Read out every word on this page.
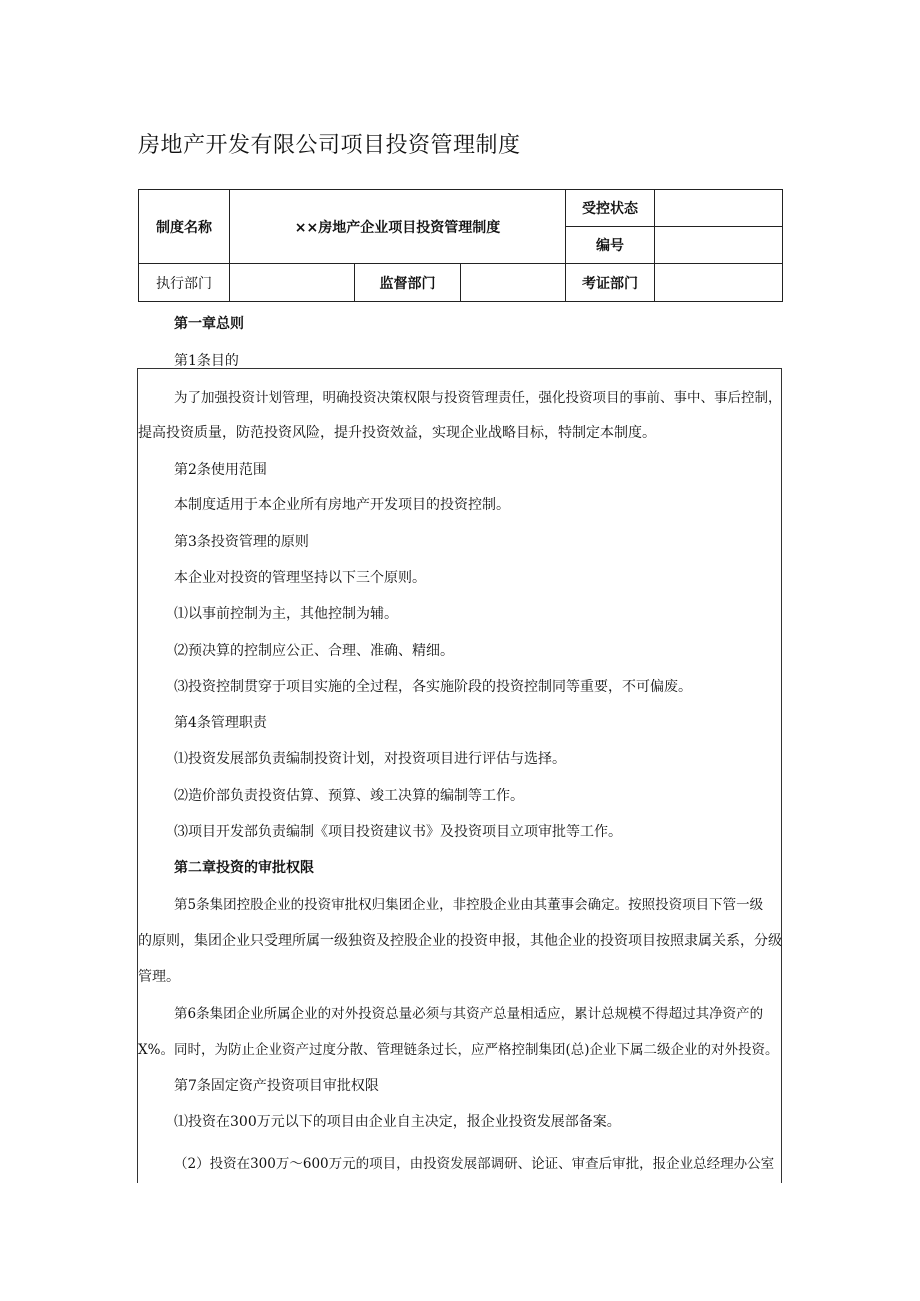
房地产开发有限公司项目投资管理制度
制度名称	××房地产企业项目投资管理制度			受控状态	
				编号	
执行部门		监督部门		考证部门	
第一章总则
第1条目的
为了加强投资计划管理，明确投资决策权限与投资管理责任，强化投资项目的事前、事中、事后控制，
提高投资质量，防范投资风险，提升投资效益，实现企业战略目标，特制定本制度。
第2条使用范围
本制度适用于本企业所有房地产开发项目的投资控制。
第3条投资管理的原则
本企业对投资的管理坚持以下三个原则。
⑴以事前控制为主，其他控制为辅。
⑵预决算的控制应公正、合理、准确、精细。
⑶投资控制贯穿于项目实施的全过程，各实施阶段的投资控制同等重要，不可偏废。
第4条管理职责
⑴投资发展部负责编制投资计划，对投资项目进行评估与选择。
⑵造价部负责投资估算、预算、竣工决算的编制等工作。
⑶项目开发部负责编制《项目投资建议书》及投资项目立项审批等工作。
第二章投资的审批权限
第5条集团控股企业的投资审批权归集团企业，非控股企业由其董事会确定。按照投资项目下管一级
的原则，集团企业只受理所属一级独资及控股企业的投资申报，其他企业的投资项目按照隶属关系，分级
管理。
第6条集团企业所属企业的对外投资总量必须与其资产总量相适应，累计总规模不得超过其净资产的
X%。同时，为防止企业资产过度分散、管理链条过长，应严格控制集团(总)企业下属二级企业的对外投资。
第7条固定资产投资项目审批权限
⑴投资在300万元以下的项目由企业自主决定，报企业投资发展部备案。
（2）投资在300万～600万元的项目，由投资发展部调研、论证、审查后审批，报企业总经理办公室
